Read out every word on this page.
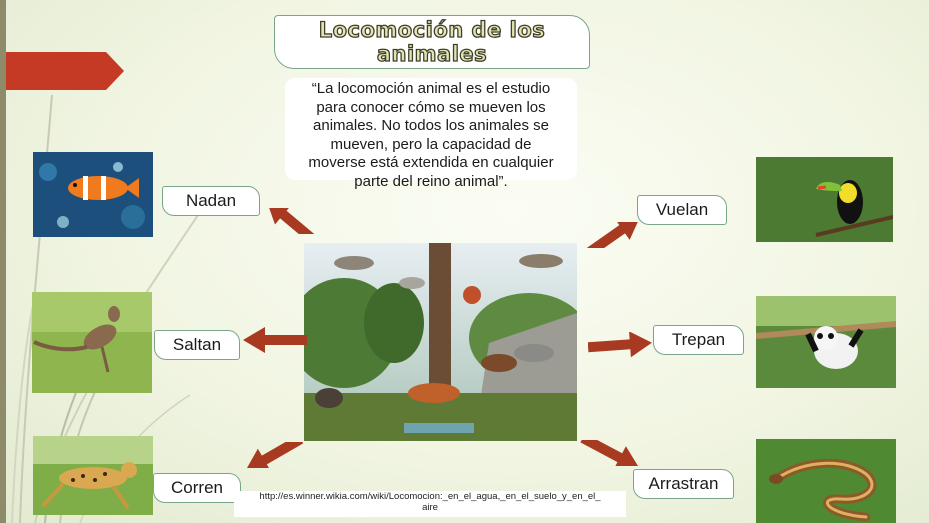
Locomoción de los
animales
“La locomoción animal es el estudio
para conocer cómo se mueven los
animales. No todos los animales se
mueven, pero la capacidad de
moverse está extendida en cualquier
parte del reino animal”.
Nadan
Saltan
Corren
Vuelan
Trepan
Arrastran
http://es.winner.wikia.com/wiki/Locomocion:_en_el_agua,_en_el_suelo_y_en_el_
aire
